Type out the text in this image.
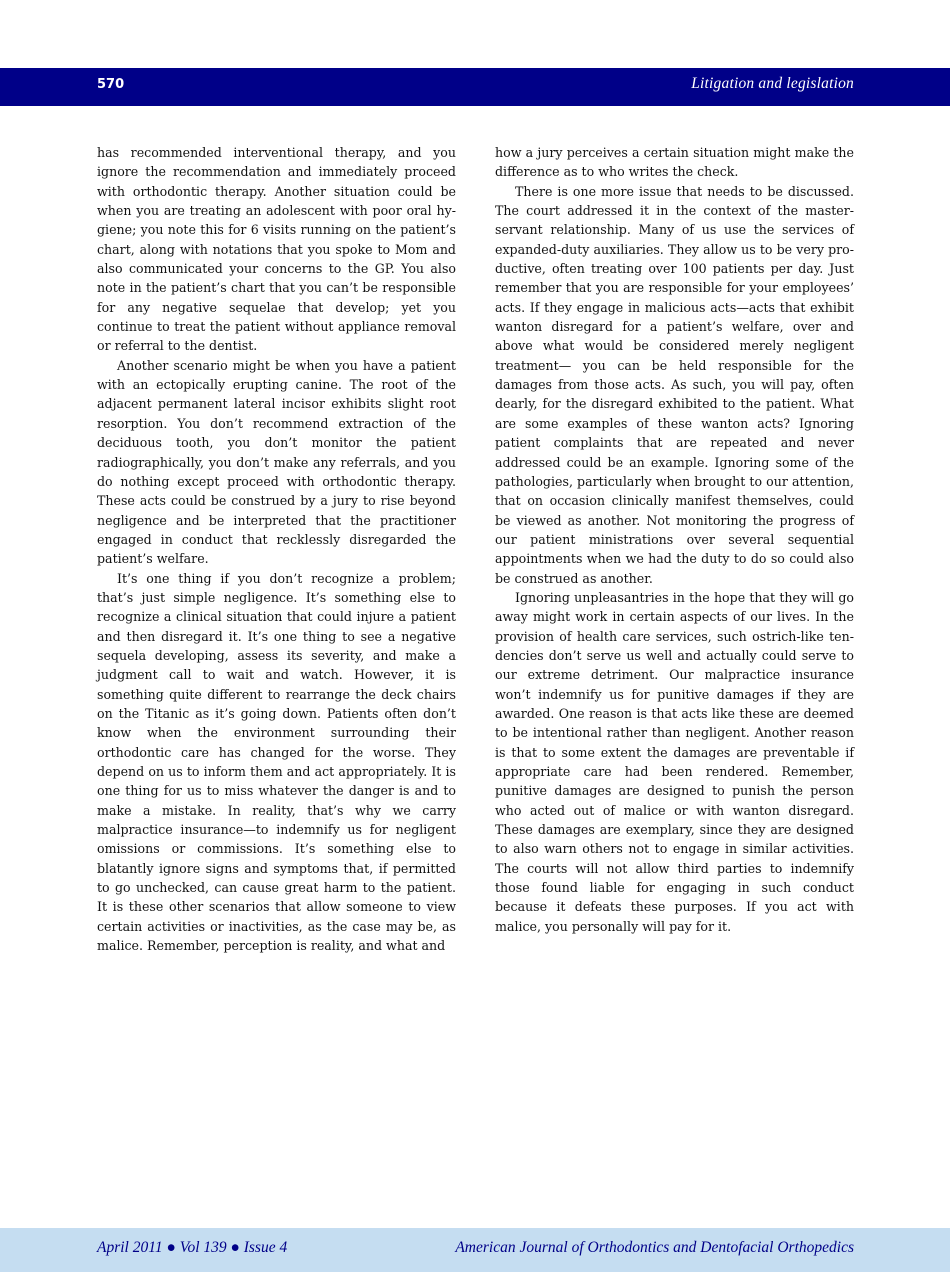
570	Litigation and legislation

has recommended interventional therapy, and you ignore the recommendation and immediately proceed with orthodontic therapy. Another situation could be when you are treating an adolescent with poor oral hygiene; you note this for 6 visits running on the patient’s chart, along with notations that you spoke to Mom and also communicated your concerns to the GP. You also note in the patient’s chart that you can’t be responsible for any negative sequelae that develop; yet you continue to treat the patient without appliance removal or referral to the dentist.

Another scenario might be when you have a patient with an ectopically erupting canine. The root of the adjacent permanent lateral incisor exhibits slight root resorption. You don’t recommend extraction of the deciduous tooth, you don’t monitor the patient radiographically, you don’t make any referrals, and you do nothing except proceed with orthodontic therapy. These acts could be construed by a jury to rise beyond negligence and be interpreted that the practitioner engaged in conduct that recklessly disregarded the patient’s welfare.

It’s one thing if you don’t recognize a problem; that’s just simple negligence. It’s something else to recognize a clinical situation that could injure a patient and then disregard it. It’s one thing to see a negative sequela developing, assess its severity, and make a judgment call to wait and watch. However, it is something quite different to rearrange the deck chairs on the Titanic as it’s going down. Patients often don’t know when the environment surrounding their orthodontic care has changed for the worse. They depend on us to inform them and act appropriately. It is one thing for us to miss whatever the danger is and to make a mistake. In reality, that’s why we carry malpractice insurance—to indemnify us for negligent omissions or commissions. It’s something else to blatantly ignore signs and symptoms that, if permitted to go unchecked, can cause great harm to the patient. It is these other scenarios that allow someone to view certain activities or inactivities, as the case may be, as malice. Remember, perception is reality, and what and

how a jury perceives a certain situation might make the difference as to who writes the check.

There is one more issue that needs to be discussed. The court addressed it in the context of the master-servant relationship. Many of us use the services of expanded-duty auxiliaries. They allow us to be very productive, often treating over 100 patients per day. Just remember that you are responsible for your employees’ acts. If they engage in malicious acts—acts that exhibit wanton disregard for a patient’s welfare, over and above what would be considered merely negligent treatment— you can be held responsible for the damages from those acts. As such, you will pay, often dearly, for the disregard exhibited to the patient. What are some examples of these wanton acts? Ignoring patient complaints that are repeated and never addressed could be an example. Ignoring some of the pathologies, particularly when brought to our attention, that on occasion clinically manifest themselves, could be viewed as another. Not monitoring the progress of our patient ministrations over several sequential appointments when we had the duty to do so could also be construed as another.

Ignoring unpleasantries in the hope that they will go away might work in certain aspects of our lives. In the provision of health care services, such ostrich-like tendencies don’t serve us well and actually could serve to our extreme detriment. Our malpractice insurance won’t indemnify us for punitive damages if they are awarded. One reason is that acts like these are deemed to be intentional rather than negligent. Another reason is that to some extent the damages are preventable if appropriate care had been rendered. Remember, punitive damages are designed to punish the person who acted out of malice or with wanton disregard. These damages are exemplary, since they are designed to also warn others not to engage in similar activities. The courts will not allow third parties to indemnify those found liable for engaging in such conduct because it defeats these purposes. If you act with malice, you personally will pay for it.

April 2011 ● Vol 139 ● Issue 4	American Journal of Orthodontics and Dentofacial Orthopedics
